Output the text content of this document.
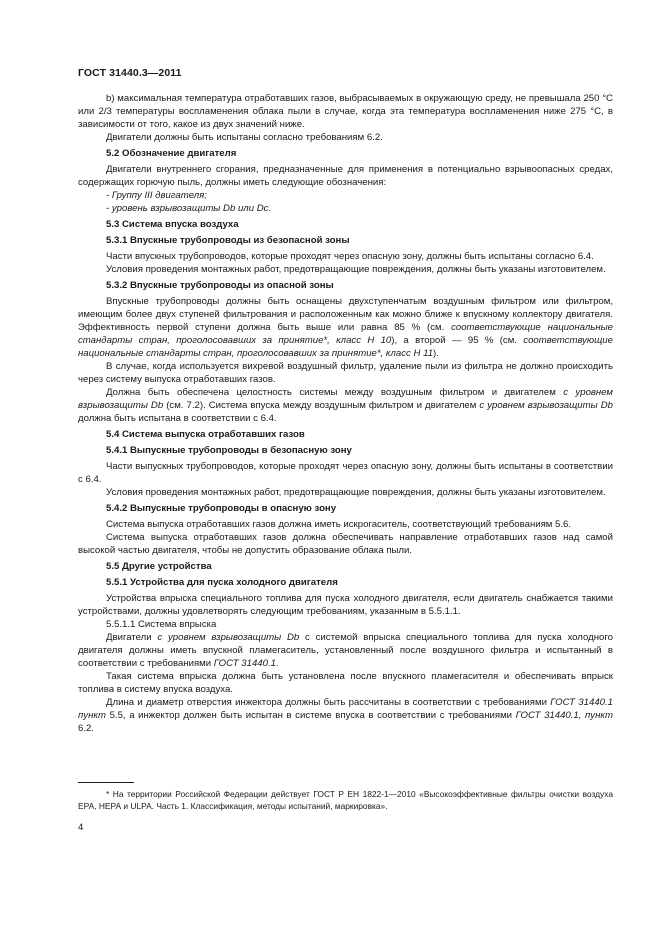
ГОСТ 31440.3—2011

b) максимальная температура отработавших газов, выбрасываемых в окружающую среду, не превышала 250 °С или 2/3 температуры воспламенения облака пыли в случае, когда эта температура воспламенения ниже 275 °С, в зависимости от того, какое из двух значений ниже.

Двигатели должны быть испытаны согласно требованиям 6.2.

5.2 Обозначение двигателя

Двигатели внутреннего сгорания, предназначенные для применения в потенциально взрывоопасных средах, содержащих горючую пыль, должны иметь следующие обозначения:

- Группу III двигателя;

- уровень взрывозащиты Db или Dc.

5.3 Система впуска воздуха

5.3.1 Впускные трубопроводы из безопасной зоны

Части впускных трубопроводов, которые проходят через опасную зону, должны быть испытаны согласно 6.4.

Условия проведения монтажных работ, предотвращающие повреждения, должны быть указаны изготовителем.

5.3.2 Впускные трубопроводы из опасной зоны

Впускные трубопроводы должны быть оснащены двухступенчатым воздушным фильтром или фильтром, имеющим более двух ступеней фильтрования и расположенным как можно ближе к впускному коллектору двигателя. Эффективность первой ступени должна быть выше или равна 85 % (см. соответствующие национальные стандарты стран, проголосовавших за принятие*, класс Н 10), а второй — 95 % (см. соответствующие национальные стандарты стран, проголосовавших за принятие*, класс Н 11).

В случае, когда используется вихревой воздушный фильтр, удаление пыли из фильтра не должно происходить через систему выпуска отработавших газов.

Должна быть обеспечена целостность системы между воздушным фильтром и двигателем с уровнем взрывозащиты Db (см. 7.2). Система впуска между воздушным фильтром и двигателем с уровнем взрывозащиты Db должна быть испытана в соответствии с 6.4.

5.4 Система выпуска отработавших газов

5.4.1 Выпускные трубопроводы в безопасную зону

Части выпускных трубопроводов, которые проходят через опасную зону, должны быть испытаны в соответствии с 6.4.

Условия проведения монтажных работ, предотвращающие повреждения, должны быть указаны изготовителем.

5.4.2 Выпускные трубопроводы в опасную зону

Система выпуска отработавших газов должна иметь искрогаситель, соответствующий требованиям 5.6.

Система выпуска отработавших газов должна обеспечивать направление отработавших газов над самой высокой частью двигателя, чтобы не допустить образование облака пыли.

5.5 Другие устройства

5.5.1 Устройства для пуска холодного двигателя

Устройства впрыска специального топлива для пуска холодного двигателя, если двигатель снабжается такими устройствами, должны удовлетворять следующим требованиям, указанным в 5.5.1.1.

5.5.1.1 Система впрыска

Двигатели с уровнем взрывозащиты Db с системой впрыска специального топлива для пуска холодного двигателя должны иметь впускной пламегаситель, установленный после воздушного фильтра и испытанный в соответствии с требованиями ГОСТ 31440.1.

Такая система впрыска должна быть установлена после впускного пламегасителя и обеспечивать впрыск топлива в систему впуска воздуха.

Длина и диаметр отверстия инжектора должны быть рассчитаны в соответствии с требованиями ГОСТ 31440.1 пункт 5.5, а инжектор должен быть испытан в системе впуска в соответствии с требованиями ГОСТ 31440.1, пункт 6.2.

* На территории Российской Федерации действует ГОСТ Р ЕН 1822-1—2010 «Высокоэффективные фильтры очистки воздуха ЕРА, НЕРА и ULPA. Часть 1. Классификация, методы испытаний, маркировка».
4
